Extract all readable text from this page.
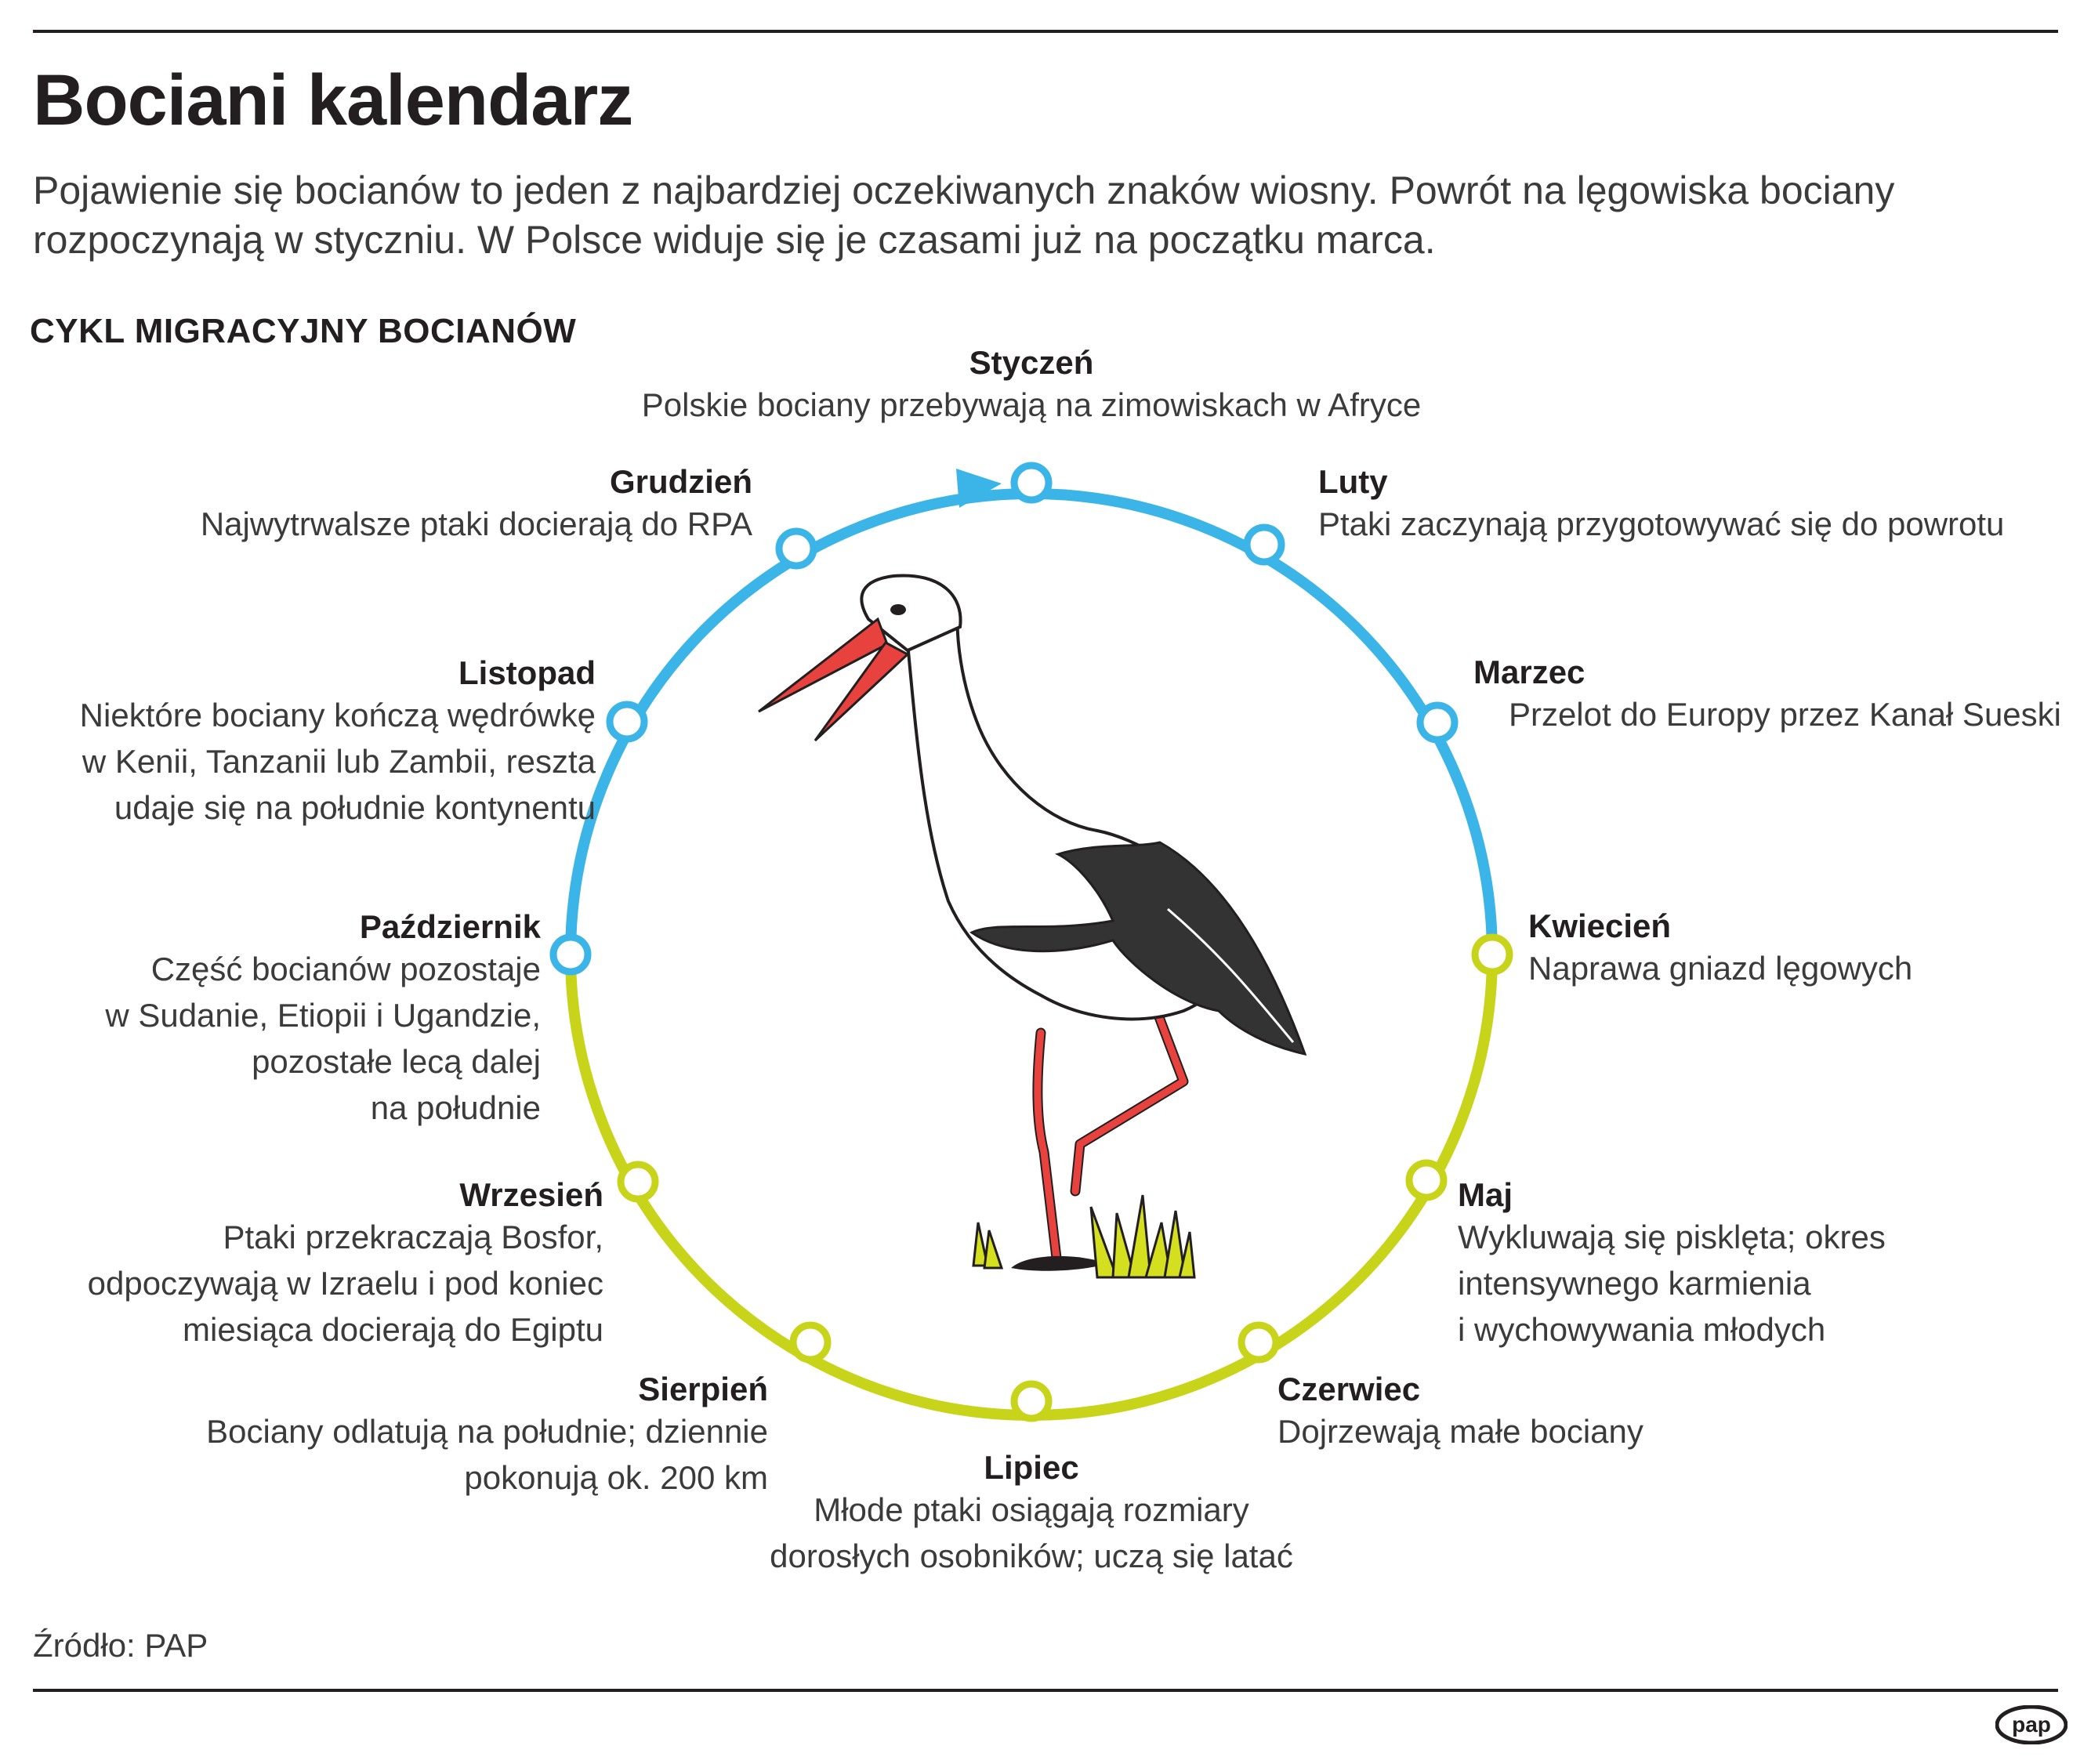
Bociani kalendarz

Pojawienie się bocianów to jeden z najbardziej oczekiwanych znaków wiosny. Powrót na lęgowiska bociany rozpoczynają w styczniu. W Polsce widuje się je czasami już na początku marca.

CYKL MIGRACYJNY BOCIANÓW
Styczeń
Polskie bociany przebywają na zimowiskach w Afryce
Luty
Ptaki zaczynają przygotowywać się do powrotu
Marzec
Przelot do Europy przez Kanał Sueski
Kwiecień
Naprawa gniazd lęgowych
Maj
Wykluwają się pisklęta; okres
intensywnego karmienia
i wychowywania młodych
Czerwiec
Dojrzewają małe bociany
Lipiec
Młode ptaki osiągają rozmiary
dorosłych osobników; uczą się latać
Sierpień
Bociany odlatują na południe; dziennie
pokonują ok. 200 km
Wrzesień
Ptaki przekraczają Bosfor,
odpoczywają w Izraelu i pod koniec
miesiąca docierają do Egiptu
Październik
Część bocianów pozostaje
w Sudanie, Etiopii i Ugandzie,
pozostałe lecą dalej
na południe
Listopad
Niektóre bociany kończą wędrówkę
w Kenii, Tanzanii lub Zambii, reszta
udaje się na południe kontynentu
Grudzień
Najwytrwalsze ptaki docierają do RPA
Źródło: PAP
pap
